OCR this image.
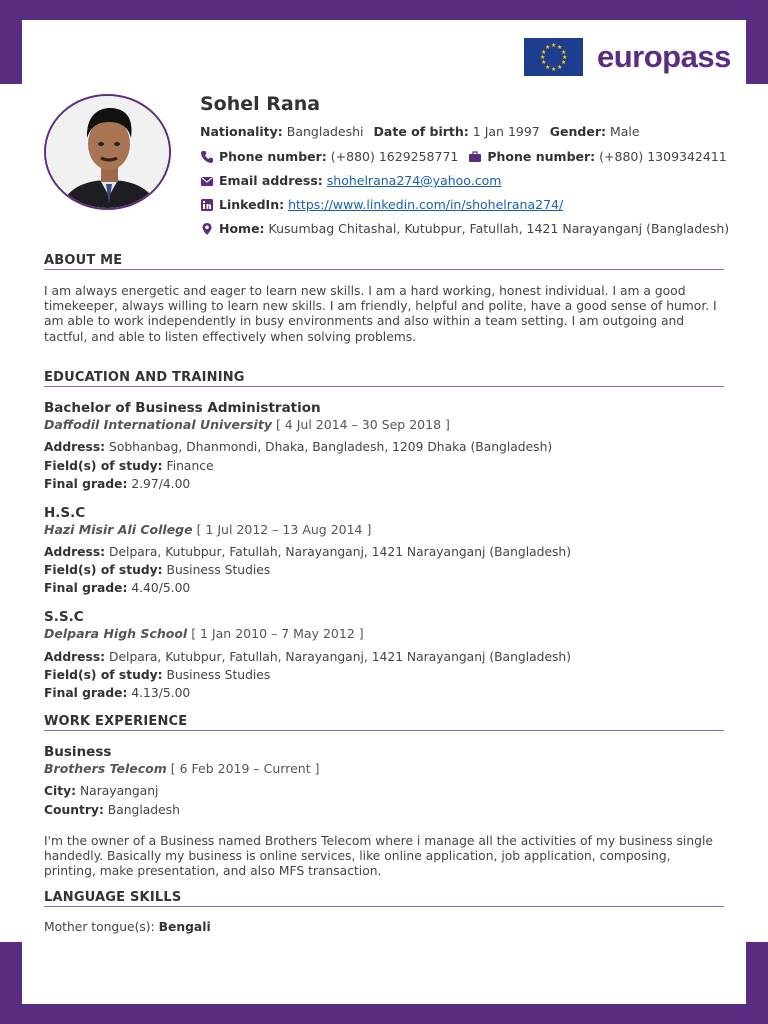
★ ★
★
★
★
★
★
★
★
★
★
★ europass
Sohel Rana
Nationality:
Bangladeshi Date of birth:
1 Jan 1997 Gender:
Male
Phone number:
(+880) 1629258771 Phone number:
(+880) 1309342411
Email address:
shohelrana274@yahoo.com
LinkedIn:
https://www.linkedin.com/in/shohelrana274/
Home:
Kusumbag Chitashal, Kutubpur, Fatullah, 1421 Narayanganj (Bangladesh)
ABOUT ME
I am always energetic and eager to learn new skills. I am a hard working, honest individual. I am a good timekeeper, always willing to learn new skills. I am friendly, helpful and polite, have a good sense of humor. I am able to work independently in busy environments and also within a team setting. I am outgoing and tactful, and able to listen effectively when solving problems.
EDUCATION AND TRAINING
Bachelor of Business Administration
Daffodil International University [ 4 Jul 2014 – 30 Sep 2018 ]
Address: Sobhanbag, Dhanmondi, Dhaka, Bangladesh, 1209 Dhaka (Bangladesh)
Field(s) of study: Finance
Final grade: 2.97/4.00
H.S.C
Hazi Misir Ali College [ 1 Jul 2012 – 13 Aug 2014 ]
Address: Delpara, Kutubpur, Fatullah, Narayanganj, 1421 Narayanganj (Bangladesh)
Field(s) of study: Business Studies
Final grade: 4.40/5.00
S.S.C
Delpara High School [ 1 Jan 2010 – 7 May 2012 ]
Address: Delpara, Kutubpur, Fatullah, Narayanganj, 1421 Narayanganj (Bangladesh)
Field(s) of study: Business Studies
Final grade: 4.13/5.00
WORK EXPERIENCE
Business
Brothers Telecom [ 6 Feb 2019 – Current ]
City: Narayanganj
Country: Bangladesh
I'm the owner of a Business named Brothers Telecom where i manage all the activities of my business single handedly. Basically my business is online services, like online application, job application, composing, printing, make presentation, and also MFS transaction.
LANGUAGE SKILLS
Mother tongue(s): Bengali
